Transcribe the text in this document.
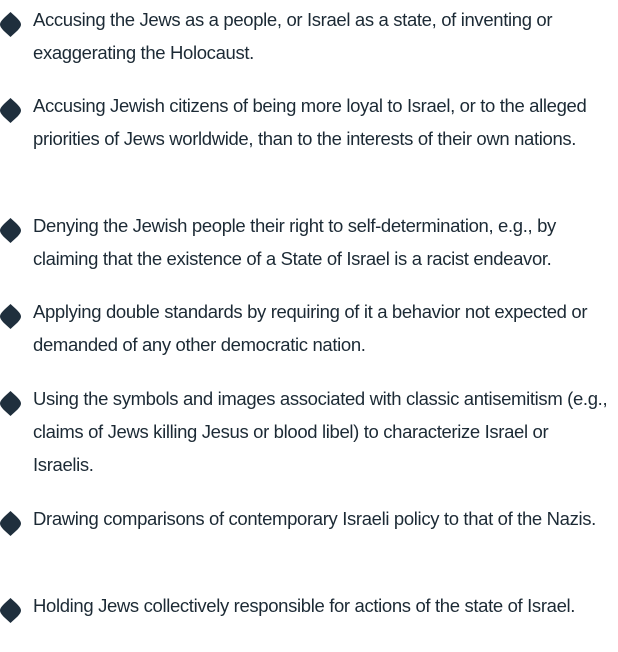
Accusing the Jews as a people, or Israel as a state, of inventing or exaggerating the Holocaust.
Accusing Jewish citizens of being more loyal to Israel, or to the alleged priorities of Jews worldwide, than to the interests of their own nations.
Denying the Jewish people their right to self-determination, e.g., by claiming that the existence of a State of Israel is a racist endeavor.
Applying double standards by requiring of it a behavior not expected or demanded of any other democratic nation.
Using the symbols and images associated with classic antisemitism (e.g., claims of Jews killing Jesus or blood libel) to characterize Israel or Israelis.
Drawing comparisons of contemporary Israeli policy to that of the Nazis.
Holding Jews collectively responsible for actions of the state of Israel.
